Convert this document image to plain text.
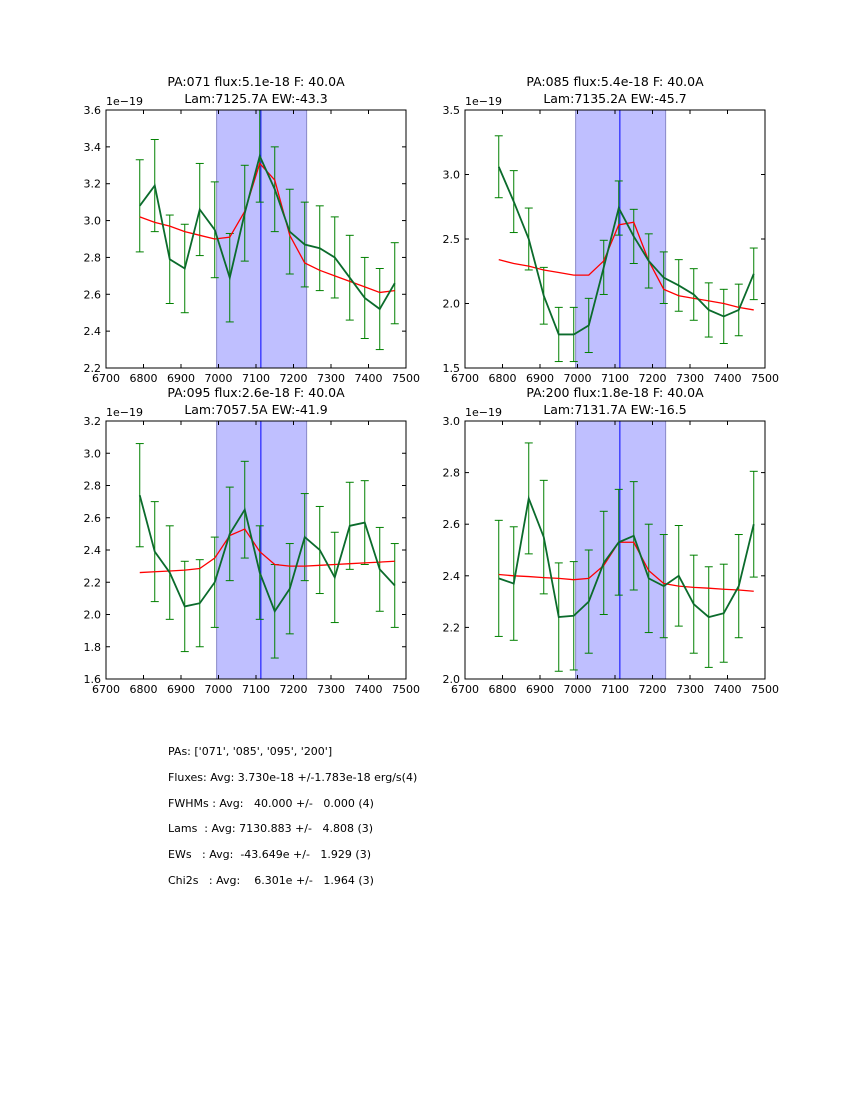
6700 6800 6900 7000 7100 7200 7300 7400 7500
2.2
2.4
2.6
2.8
3.0
3.2
3.4
3.6
1e−19
PA:071 flux:5.1e-18 F: 40.0A
Lam:7125.7A EW:-43.3
6700 6800 6900 7000 7100 7200 7300 7400 7500
1.5
2.0
2.5
3.0
3.5
1e−19
PA:085 flux:5.4e-18 F: 40.0A
Lam:7135.2A EW:-45.7
6700 6800 6900 7000 7100 7200 7300 7400 7500
1.6
1.8
2.0
2.2
2.4
2.6
2.8
3.0
3.2
1e−19
PA:095 flux:2.6e-18 F: 40.0A
Lam:7057.5A EW:-41.9
6700 6800 6900 7000 7100 7200 7300 7400 7500
2.0
2.2
2.4
2.6
2.8
3.0
1e−19
PA:200 flux:1.8e-18 F: 40.0A
Lam:7131.7A EW:-16.5
PAs: ['071', '085', '095', '200']
Fluxes: Avg: 3.730e-18 +/-1.783e-18 erg/s(4)
FWHMs : Avg:   40.000 +/-   0.000 (4)
Lams  : Avg: 7130.883 +/-   4.808 (3)
EWs   : Avg:  -43.649e +/-   1.929 (3)
Chi2s   : Avg:    6.301e +/-   1.964 (3)
